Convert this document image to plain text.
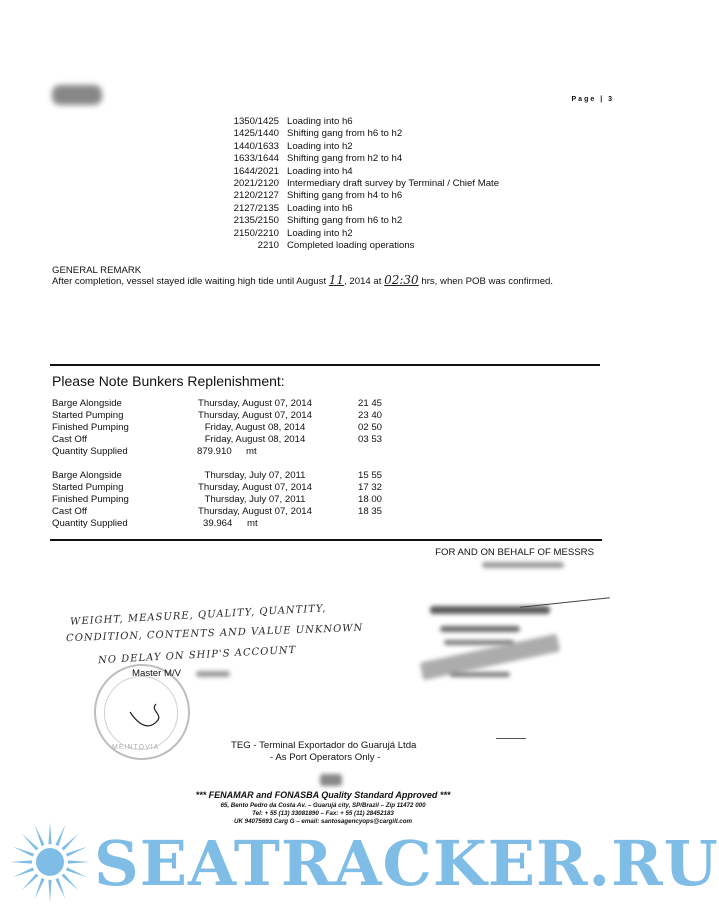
Page | 3
1350/1425 Loading into h6
1425/1440 Shifting gang from h6 to h2
1440/1633 Loading into h2
1633/1644 Shifting gang from h2 to h4
1644/2021 Loading into h4
2021/2120 Intermediary draft survey by Terminal / Chief Mate
2120/2127 Shifting gang from h4 to h6
2127/2135 Loading into h6
2135/2150 Shifting gang from h6 to h2
2150/2210 Loading into h2
2210 Completed loading operations
GENERAL REMARK
After completion, vessel stayed idle waiting high tide until August 11, 2014 at 02:30 hrs, when POB was confirmed.
Please Note Bunkers Replenishment:
Barge Alongside	Thursday, August 07, 2014	21 45
Started Pumping	Thursday, August 07, 2014	23 40
Finished Pumping	Friday, August 08, 2014	02 50
Cast Off	Friday, August 08, 2014	03 53
Quantity Supplied	879.910 mt
Barge Alongside	Thursday, July 07, 2011	15 55
Started Pumping	Thursday, August 07, 2014	17 32
Finished Pumping	Thursday, July 07, 2011	18 00
Cast Off	Thursday, August 07, 2014	18 35
Quantity Supplied	39.964 mt
FOR AND ON BEHALF OF MESSRS
WEIGHT, MEASURE, QUALITY, QUANTITY,
CONDITION, CONTENTS AND VALUE UNKNOWN
NO DELAY ON SHIP'S ACCOUNT
MEINTOVIA
Master M/V
TEG - Terminal Exportador do Guarujá Ltda
- As Port Operators Only -
*** FENAMAR and FONASBA Quality Standard Approved ***
65, Bento Pedro da Costa Av. – Guarujá city, SP/Brazil – Zip 11472 000
Tel: + 55 (13) 33081890 – Fax: + 55 (11) 28452183
UK 94075693 Carg G – email: santosagencyops@cargill.com
SEATRACKER.RU
